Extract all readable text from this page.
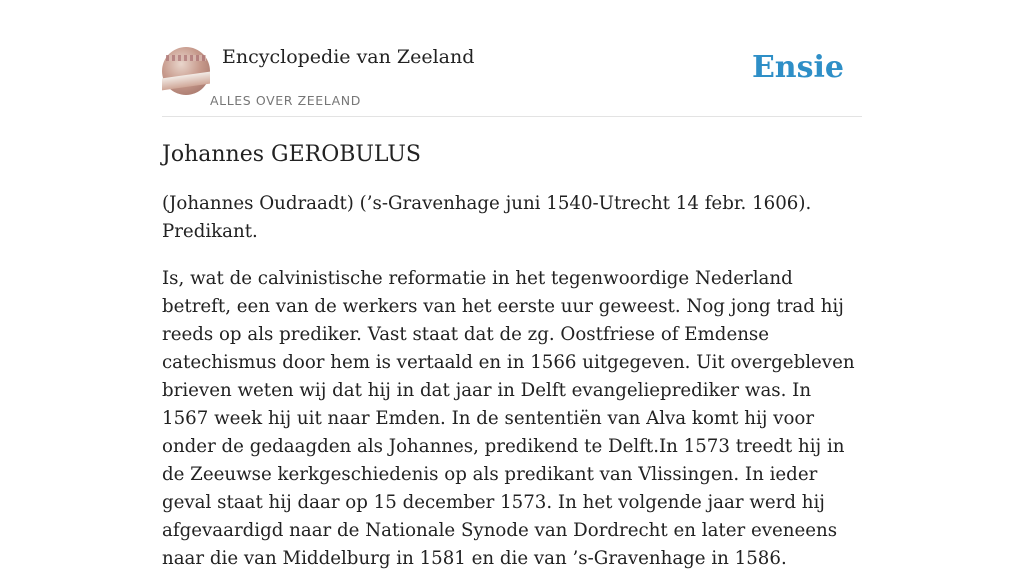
Encyclopedie van Zeeland
ALLES OVER ZEELAND
Ensie
Johannes GEROBULUS

(Johannes Oudraadt) (’s-Gravenhage juni 1540-Utrecht 14 febr. 1606). Predikant.

Is, wat de calvinistische reformatie in het tegenwoordige Nederland betreft, een van de werkers van het eerste uur geweest. Nog jong trad hij reeds op als prediker. Vast staat dat de zg. Oostfriese of Emdense catechismus door hem is vertaald en in 1566 uitgegeven. Uit overgebleven brieven weten wij dat hij in dat jaar in Delft evangelieprediker was. In 1567 week hij uit naar Emden. In de sententiën van Alva komt hij voor onder de gedaagden als Johannes, predikend te Delft.In 1573 treedt hij in de Zeeuwse kerkgeschiedenis op als predikant van Vlissingen. In ieder geval staat hij daar op 15 december 1573. In het volgende jaar werd hij afgevaardigd naar de Nationale Synode van Dordrecht en later eveneens naar die van Middelburg in 1581 en die van ’s-Gravenhage in 1586.
